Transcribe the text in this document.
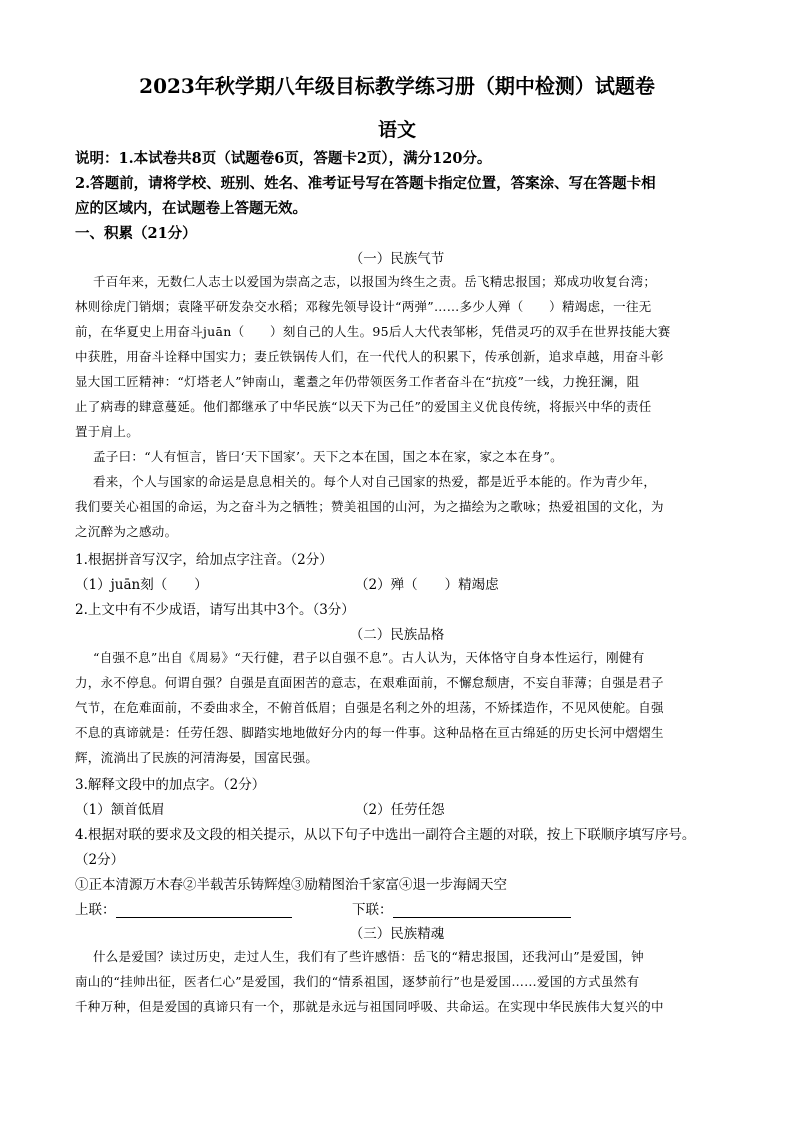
2023年秋学期八年级目标教学练习册（期中检测）试题卷
语文
说明：1.本试卷共8页（试题卷6页，答题卡2页），满分120分。
2.答题前，请将学校、班别、姓名、准考证号写在答题卡指定位置，答案涂、写在答题卡相
应的区域内，在试题卷上答题无效。
一、积累（21分）
（一）民族气节
千百年来，无数仁人志士以爱国为崇高之志，以报国为终生之责。岳飞精忠报国；郑成功收复台湾；
林则徐虎门销烟；袁隆平研发杂交水稻；邓稼先领导设计“两弹”……多少人殚（　　）精竭虑，一往无
前，在华夏史上用奋斗juān（　　）刻自己的人生。95后人大代表邹彬，凭借灵巧的双手在世界技能大赛
中获胜，用奋斗诠释中国实力；妻丘铁锅传人们，在一代代人的积累下，传承创新，追求卓越，用奋斗彰
显大国工匠精神：“灯塔老人”钟南山，耄耋之年仍带领医务工作者奋斗在“抗疫”一线，力挽狂澜，阻
止了病毒的肆意蔓延。他们都继承了中华民族“以天下为己任”的爱国主义优良传统，将振兴中华的责任
置于肩上。
孟子曰：“人有恒言，皆曰‘天下国家’。天下之本在国，国之本在家，家之本在身”。
看来，个人与国家的命运是息息相关的。每个人对自己国家的热爱，都是近乎本能的。作为青少年，
我们要关心祖国的命运，为之奋斗为之牺牲；赞美祖国的山河，为之描绘为之歌咏；热爱祖国的文化，为
之沉醉为之感动。
1.根据拼音写汉字，给加点字注音。（2分）
（1）juān刻（　　）	（2）殚（　　）精竭虑
2.上文中有不少成语，请写出其中3个。（3分）
（二）民族品格
“自强不息”出自《周易》“天行健，君子以自强不息”。古人认为，天体恪守自身本性运行，刚健有
力，永不停息。何谓自强？自强是直面困苦的意志，在艰难面前，不懈怠颓唐，不妄自菲薄；自强是君子
气节，在危难面前，不委曲求全，不俯首低眉；自强是名利之外的坦荡，不矫揉造作，不见风使舵。自强
不息的真谛就是：任劳任怨、脚踏实地地做好分内的每一件事。这种品格在亘古绵延的历史长河中熠熠生
辉，流淌出了民族的河清海晏，国富民强。
3.解释文段中的加点字。（2分）
（1）颔首低眉	（2）任劳任怨
4.根据对联的要求及文段的相关提示，从以下句子中选出一副符合主题的对联，按上下联顺序填写序号。
（2分）
①正本清源万木春②半载苦乐铸辉煌③励精图治千家富④退一步海阔天空
上联：	下联：
（三）民族精魂
什么是爱国？读过历史，走过人生，我们有了些许感悟：岳飞的“精忠报国，还我河山”是爱国，钟
南山的“挂帅出征，医者仁心”是爱国，我们的“情系祖国，逐梦前行”也是爱国……爱国的方式虽然有
千种万种，但是爱国的真谛只有一个，那就是永远与祖国同呼吸、共命运。在实现中华民族伟大复兴的中
